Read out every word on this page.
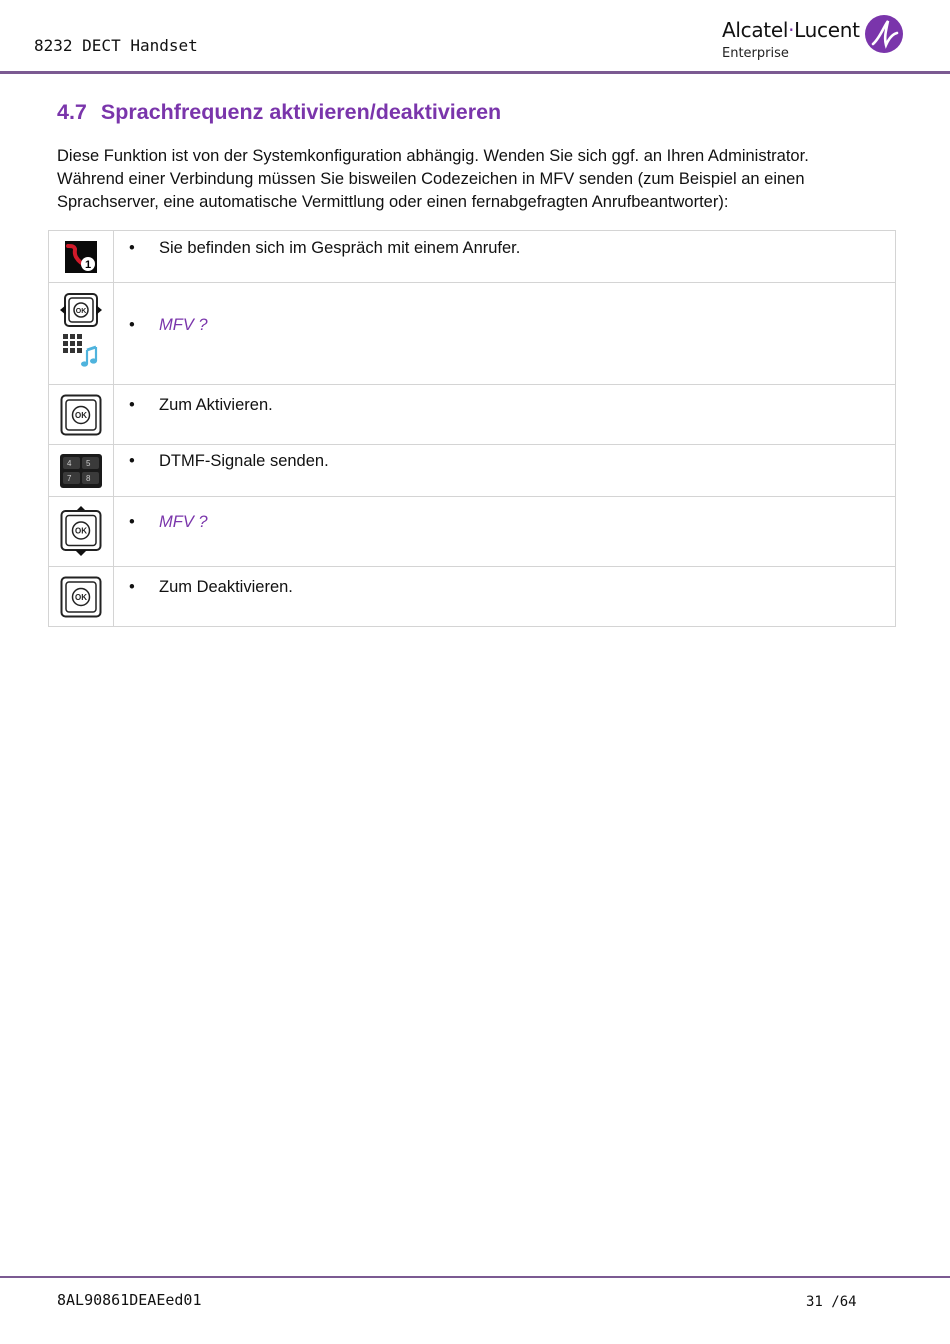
8232 DECT Handset
Alcatel·Lucent
Enterprise
4.7 Sprachfrequenz aktivieren/deaktivieren

Diese Funktion ist von der Systemkonfiguration abhängig. Wenden Sie sich ggf. an Ihren Administrator.

Während einer Verbindung müssen Sie bisweilen Codezeichen in MFV senden (zum Beispiel an einen

Sprachserver, eine automatische Vermittlung oder einen fernabgefragten Anrufbeantworter):

1	• Sie befinden sich im Gespräch mit einem Anrufer.

OK	• MFV ?

OK	• Zum Aktivieren.

4 5
7 8	• DTMF-Signale senden.

OK	• MFV ?

OK	• Zum Deaktivieren.
8AL90861DEAEed01	31 /64
